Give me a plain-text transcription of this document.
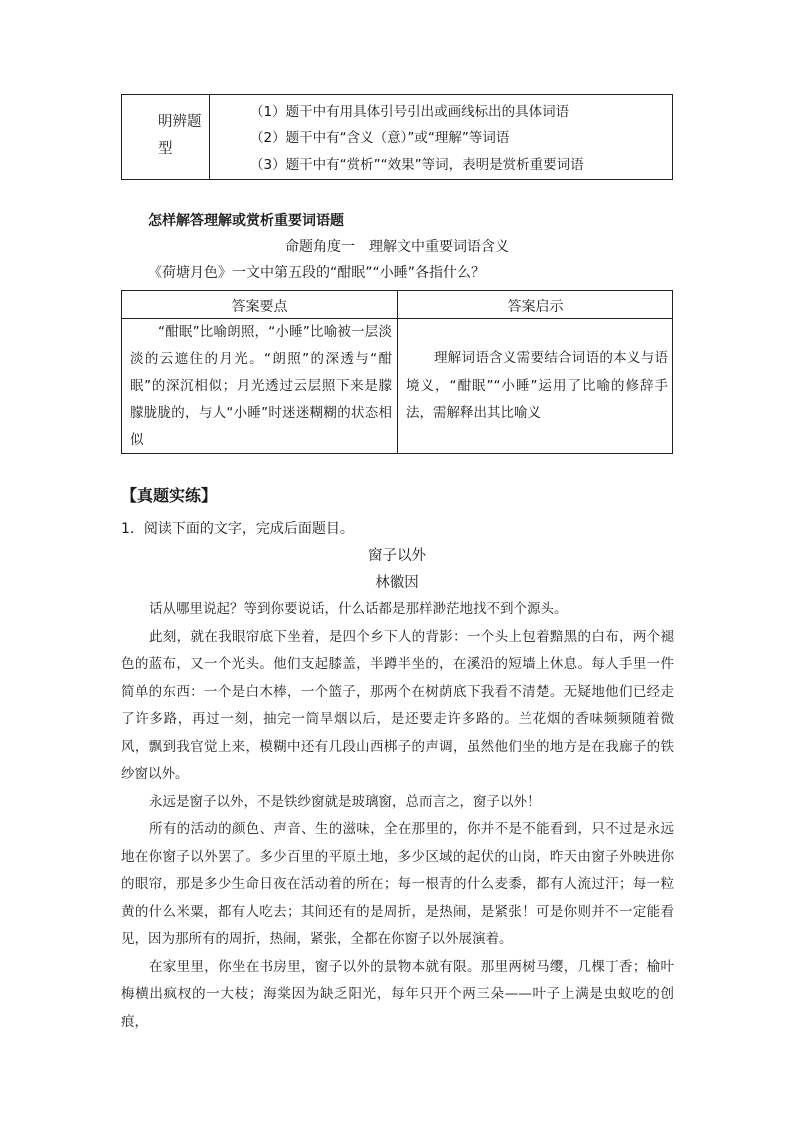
明辨题型
（1）题干中有用具体引号引出或画线标出的具体词语
（2）题干中有“含义（意）”或“理解”等词语
（3）题干中有“赏析”“效果”等词，表明是赏析重要词语
怎样解答理解或赏析重要词语题
命题角度一　理解文中重要词语含义
《荷塘月色》一文中第五段的“酣眠”“小睡”各指什么？
答案要点	答案启示
“酣眠”比喻朗照，“小睡”比喻被一层淡淡的云遮住的月光。“朗照”的深透与“酣眠”的深沉相似；月光透过云层照下来是朦朦胧胧的，与人“小睡”时迷迷糊糊的状态相似
理解词语含义需要结合词语的本义与语境义，“酣眠”“小睡”运用了比喻的修辞手法，需解释出其比喻义
【真题实练】
1．阅读下面的文字，完成后面题目。
窗子以外
林徽因

话从哪里说起？等到你要说话，什么话都是那样渺茫地找不到个源头。

此刻，就在我眼帘底下坐着，是四个乡下人的背影：一个头上包着黯黑的白布，两个褪色的蓝布，又一个光头。他们支起膝盖，半蹲半坐的，在溪沿的短墙上休息。每人手里一件简单的东西：一个是白木棒，一个篮子，那两个在树荫底下我看不清楚。无疑地他们已经走了许多路，再过一刻，抽完一筒旱烟以后，是还要走许多路的。兰花烟的香味频频随着微风，飘到我官觉上来，模糊中还有几段山西梆子的声调，虽然他们坐的地方是在我廊子的铁纱窗以外。

永远是窗子以外，不是铁纱窗就是玻璃窗，总而言之，窗子以外！

所有的活动的颜色、声音、生的滋味，全在那里的，你并不是不能看到，只不过是永远地在你窗子以外罢了。多少百里的平原土地，多少区域的起伏的山岗，昨天由窗子外映进你的眼帘，那是多少生命日夜在活动着的所在；每一根青的什么麦黍，都有人流过汗；每一粒黄的什么米粟，都有人吃去；其间还有的是周折，是热闹，是紧张！可是你则并不一定能看见，因为那所有的周折，热闹，紧张，全都在你窗子以外展演着。

在家里里，你坐在书房里，窗子以外的景物本就有限。那里两树马缨，几棵丁香；榆叶梅横出疯杈的一大枝；海棠因为缺乏阳光，每年只开个两三朵——叶子上满是虫蚁吃的创痕，
